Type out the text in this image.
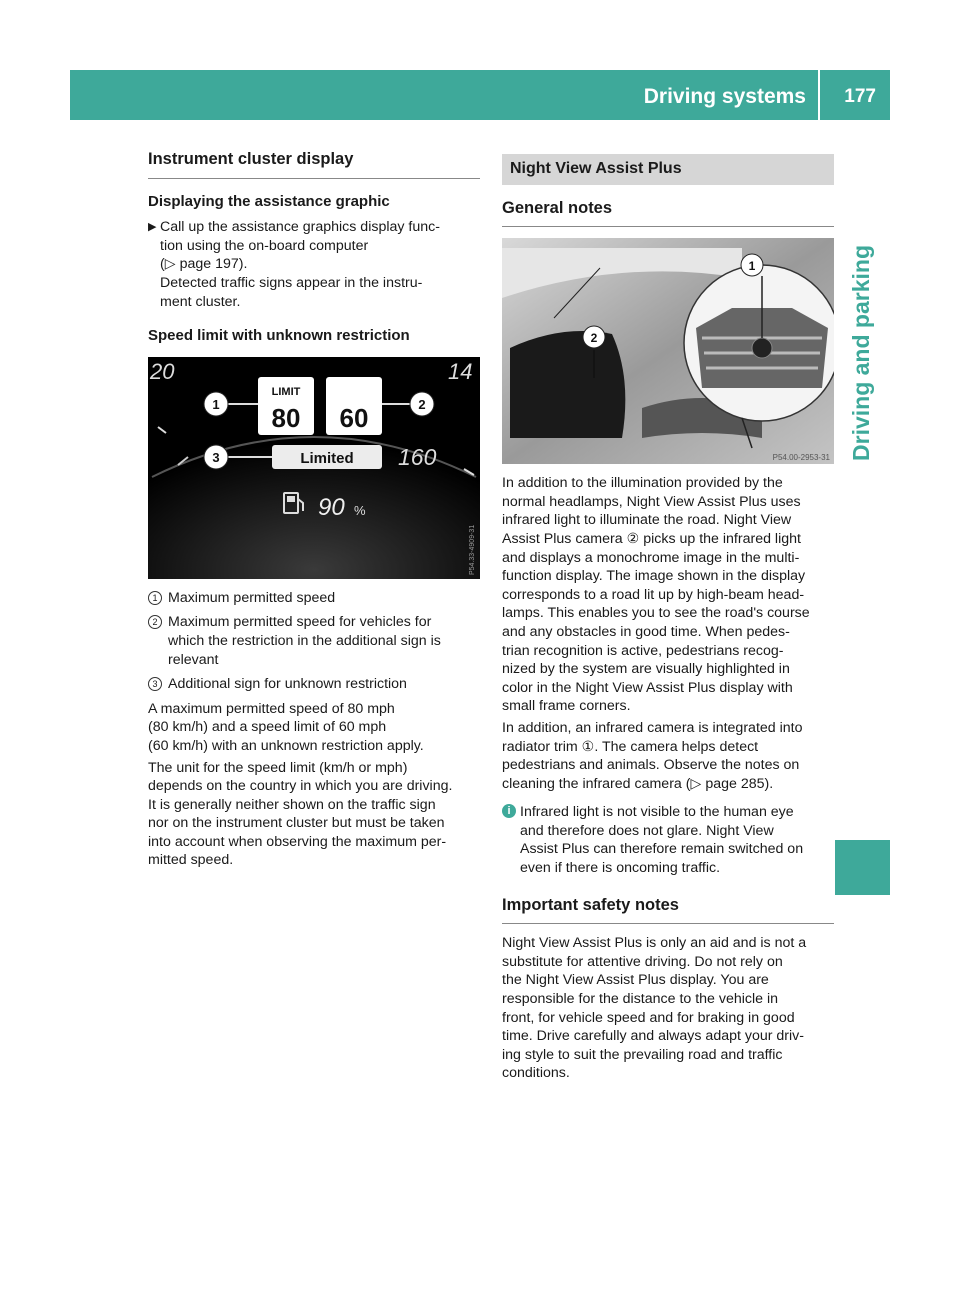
Driving systems	177
Driving and parking
Instrument cluster display
Displaying the assistance graphic
▶ Call up the assistance graphics display func-
tion using the on-board computer
(▷ page 197).
Detected traffic signs appear in the instru-
ment cluster.
Speed limit with unknown restriction
20	14
160
LIMIT
80 60
Limited
1	2
3
90 %
P54.33-4909-31
1 Maximum permitted speed
2 Maximum permitted speed for vehicles for
which the restriction in the additional sign is
relevant
3 Additional sign for unknown restriction

A maximum permitted speed of 80 mph
(80 km/h) and a speed limit of 60 mph
(60 km/h) with an unknown restriction apply.

The unit for the speed limit (km/h or mph)
depends on the country in which you are driving.
It is generally neither shown on the traffic sign
nor on the instrument cluster but must be taken
into account when observing the maximum per-
mitted speed.

Night View Assist Plus
General notes
1
2
P54.00-2953-31

In addition to the illumination provided by the
normal headlamps, Night View Assist Plus uses
infrared light to illuminate the road. Night View
Assist Plus camera ② picks up the infrared light
and displays a monochrome image in the multi-
function display. The image shown in the display
corresponds to a road lit up by high-beam head-
lamps. This enables you to see the road's course
and any obstacles in good time. When pedes-
trian recognition is active, pedestrians recog-
nized by the system are visually highlighted in
color in the Night View Assist Plus display with
small frame corners.

In addition, an infrared camera is integrated into
radiator trim ①. The camera helps detect
pedestrians and animals. Observe the notes on
cleaning the infrared camera (▷ page 285).

i Infrared light is not visible to the human eye
and therefore does not glare. Night View
Assist Plus can therefore remain switched on
even if there is oncoming traffic.
Important safety notes

Night View Assist Plus is only an aid and is not a
substitute for attentive driving. Do not rely on
the Night View Assist Plus display. You are
responsible for the distance to the vehicle in
front, for vehicle speed and for braking in good
time. Drive carefully and always adapt your driv-
ing style to suit the prevailing road and traffic
conditions.
